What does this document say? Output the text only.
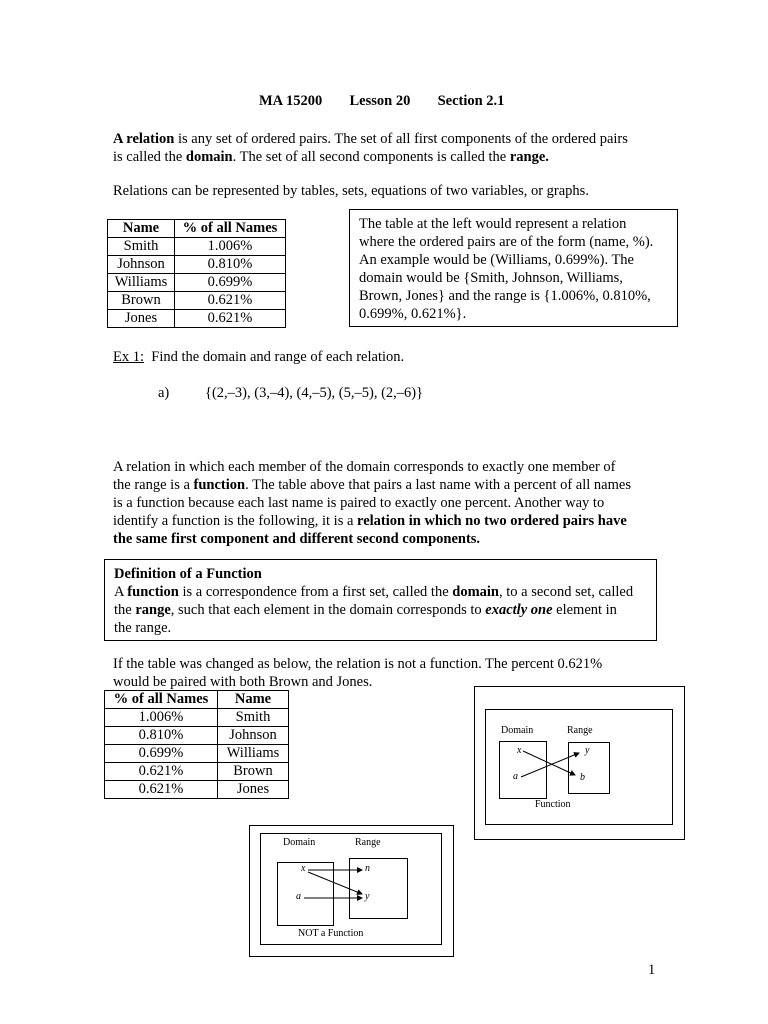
MA 15200 Lesson 20 Section 2.1
A relation is any set of ordered pairs. The set of all first components of the ordered pairs
is called the domain. The set of all second components is called the range.
Relations can be represented by tables, sets, equations of two variables, or graphs.
Name	% of all Names
Smith	1.006%
Johnson	0.810%
Williams	0.699%
Brown	0.621%
Jones	0.621%
The table at the left would represent a relation
where the ordered pairs are of the form (name, %).
An example would be (Williams, 0.699%). The
domain would be {Smith, Johnson, Williams,
Brown, Jones} and the range is {1.006%, 0.810%,
0.699%, 0.621%}.
Ex 1:  Find the domain and range of each relation.
a) {(2,–3), (3,–4), (4,–5), (5,–5), (2,–6)}
A relation in which each member of the domain corresponds to exactly one member of
the range is a function. The table above that pairs a last name with a percent of all names
is a function because each last name is paired to exactly one percent. Another way to
identify a function is the following, it is a relation in which no two ordered pairs have
the same first component and different second components.
Definition of a Function
A function is a correspondence from a first set, called the domain, to a second set, called
the range, such that each element in the domain corresponds to exactly one element in
the range.
If the table was changed as below, the relation is not a function. The percent 0.621%
would be paired with both Brown and Jones.
% of all Names	Name
1.006%	Smith
0.810%	Johnson
0.699%	Williams
0.621%	Brown
0.621%	Jones
Domain	Range
x
a
y
b
Function
Domain	Range
x
a
n
y
NOT a Function
1
